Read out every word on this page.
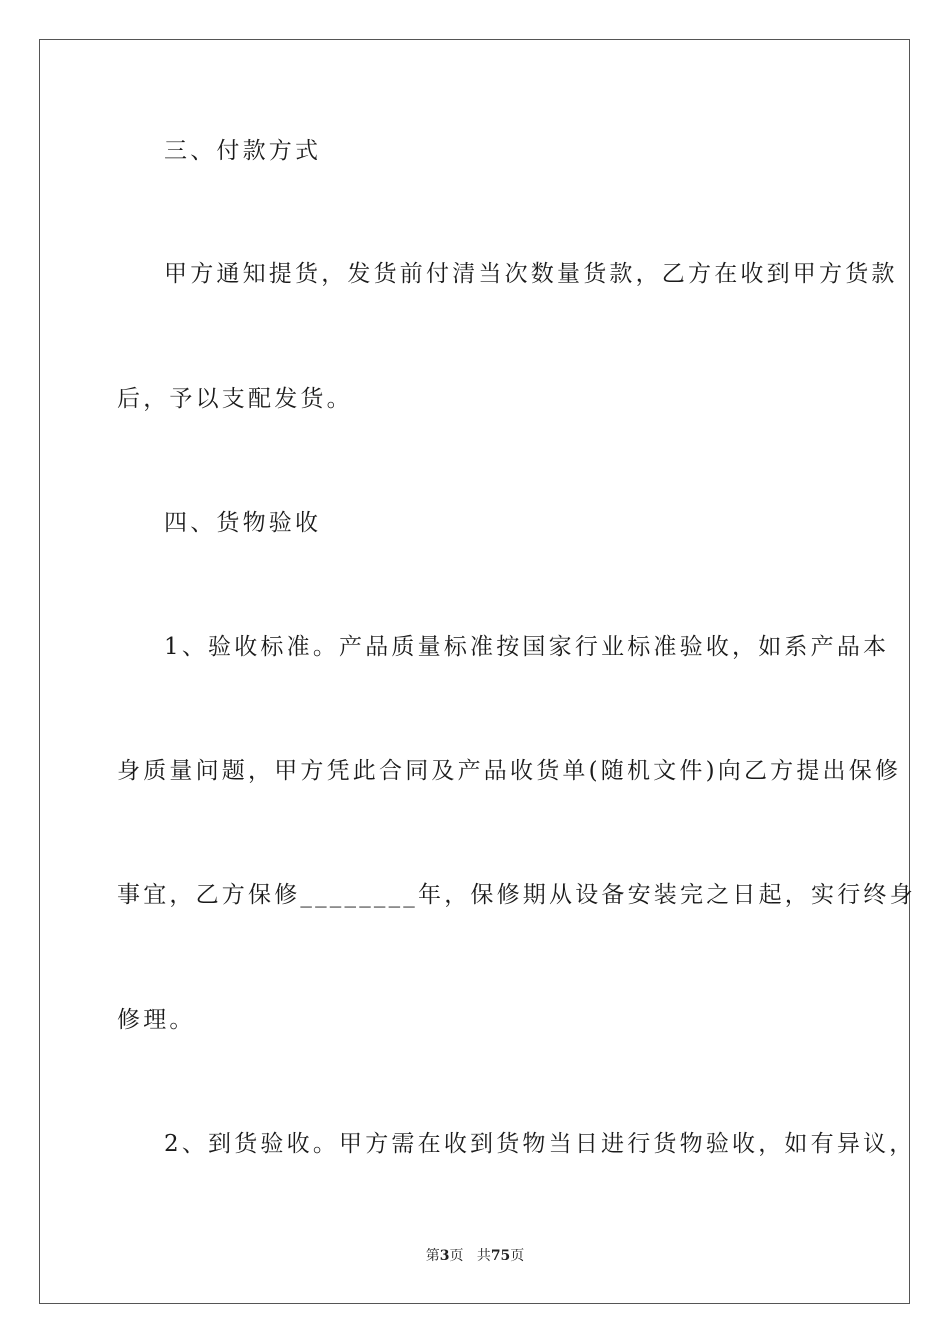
三、付款方式

甲方通知提货，发货前付清当次数量货款，乙方在收到甲方货款

后，予以支配发货。

四、货物验收

1、验收标准。产品质量标准按国家行业标准验收，如系产品本

身质量问题，甲方凭此合同及产品收货单(随机文件)向乙方提出保修

事宜，乙方保修________年，保修期从设备安装完之日起，实行终身

修理。

2、到货验收。甲方需在收到货物当日进行货物验收，如有异议，

第3页 共75页
